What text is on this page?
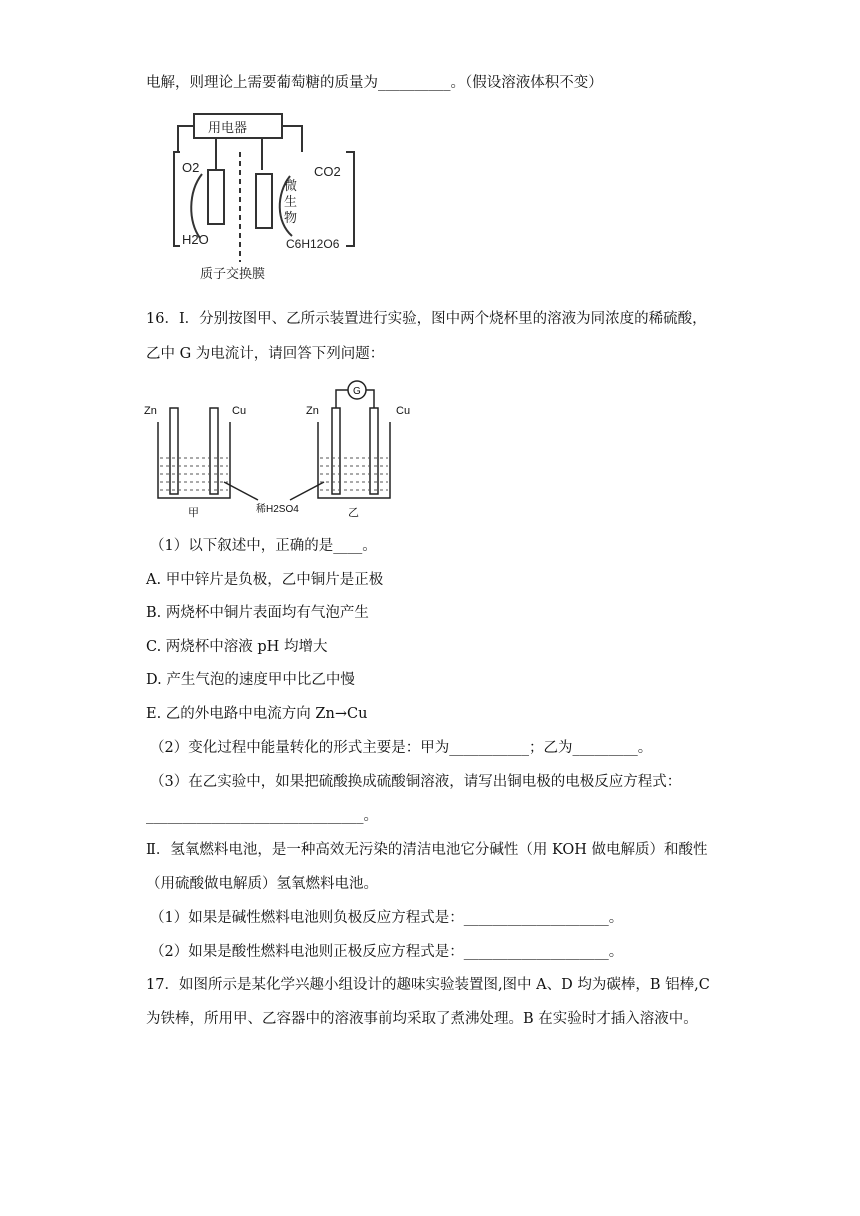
电解，则理论上需要葡萄糖的质量为__________。（假设溶液体积不变）
用电器
O2
H2O
CO2
C6H12O6
微
生
物
质子交换膜
16．Ⅰ．分别按图甲、乙所示装置进行实验，图中两个烧杯里的溶液为同浓度的稀硫酸，
乙中 G 为电流计，请回答下列问题：
Zn	Cu	Zn	Cu
G
稀H2SO4
甲	乙
（1）以下叙述中，正确的是____。
A. 甲中锌片是负极，乙中铜片是正极
B. 两烧杯中铜片表面均有气泡产生
C. 两烧杯中溶液 pH 均增大
D. 产生气泡的速度甲中比乙中慢
E. 乙的外电路中电流方向 Zn→Cu
（2）变化过程中能量转化的形式主要是：甲为___________；乙为_________。
（3）在乙实验中，如果把硫酸换成硫酸铜溶液，请写出铜电极的电极反应方程式：
______________________________。
Ⅱ．氢氧燃料电池，是一种高效无污染的清洁电池它分碱性（用 KOH 做电解质）和酸性
（用硫酸做电解质）氢氧燃料电池。
（1）如果是碱性燃料电池则负极反应方程式是：____________________。
（2）如果是酸性燃料电池则正极反应方程式是：____________________。
17．如图所示是某化学兴趣小组设计的趣味实验装置图,图中 A、D 均为碳棒，B 铝棒,C
为铁棒，所用甲、乙容器中的溶液事前均采取了煮沸处理。B 在实验时才插入溶液中。
